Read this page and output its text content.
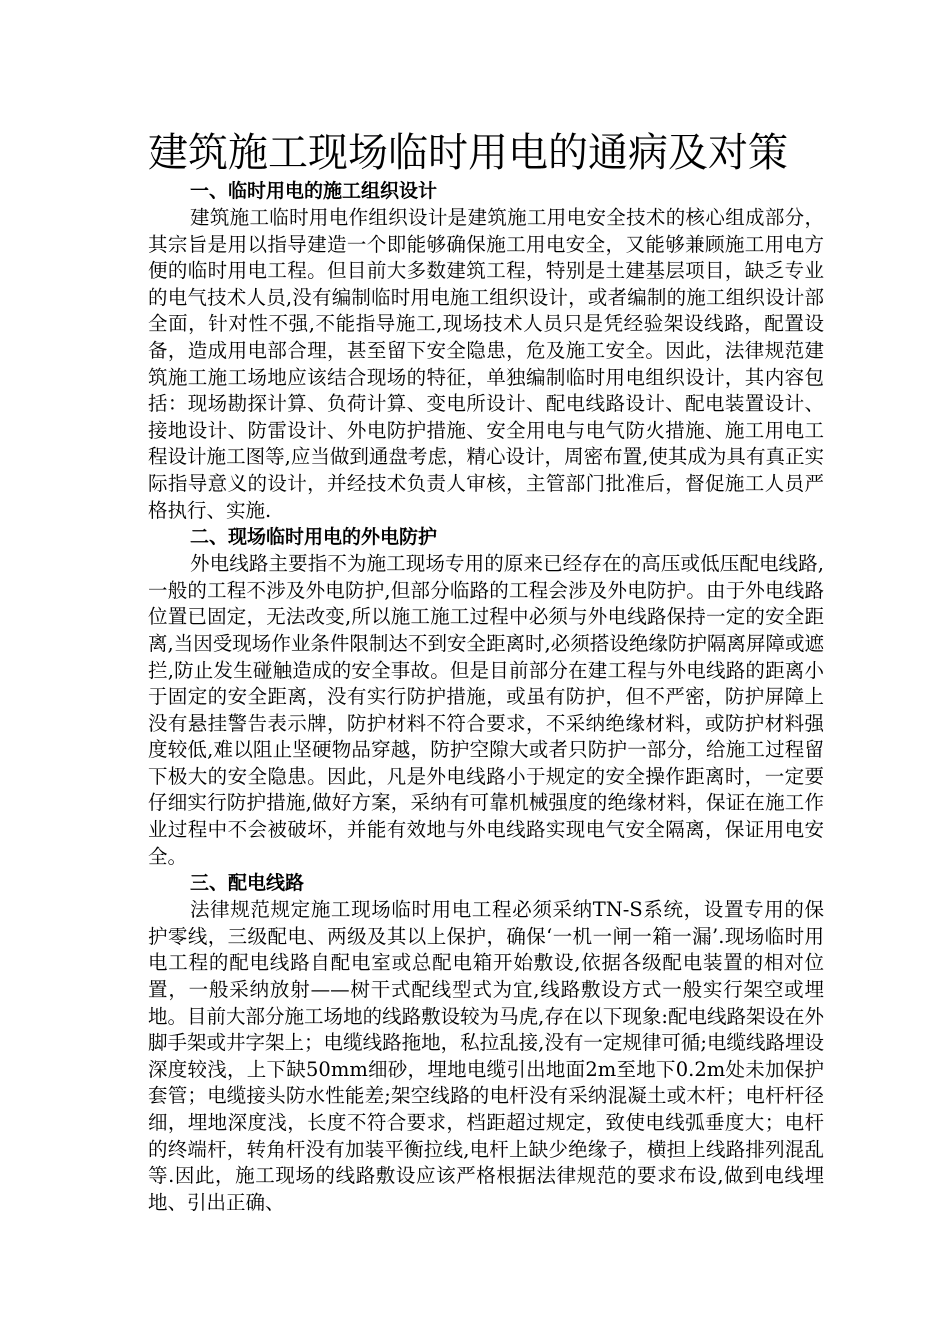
建筑施工现场临时用电的通病及对策
一、临时用电的施工组织设计

建筑施工临时用电作组织设计是建筑施工用电安全技术的核心组成部分，其宗旨是用以指导建造一个即能够确保施工用电安全，又能够兼顾施工用电方便的临时用电工程。但目前大多数建筑工程，特别是土建基层项目，缺乏专业的电气技术人员,没有编制临时用电施工组织设计，或者编制的施工组织设计部全面，针对性不强,不能指导施工,现场技术人员只是凭经验架设线路，配置设备，造成用电部合理，甚至留下安全隐患，危及施工安全。因此，法律规范建筑施工施工场地应该结合现场的特征，单独编制临时用电组织设计，其内容包括：现场勘探计算、负荷计算、变电所设计、配电线路设计、配电装置设计、接地设计、防雷设计、外电防护措施、安全用电与电气防火措施、施工用电工程设计施工图等,应当做到通盘考虑，精心设计，周密布置,使其成为具有真正实际指导意义的设计，并经技术负责人审核，主管部门批准后，督促施工人员严格执行、实施.

二、现场临时用电的外电防护

外电线路主要指不为施工现场专用的原来已经存在的高压或低压配电线路,一般的工程不涉及外电防护,但部分临路的工程会涉及外电防护。由于外电线路位置已固定，无法改变,所以施工施工过程中必须与外电线路保持一定的安全距离,当因受现场作业条件限制达不到安全距离时,必须搭设绝缘防护隔离屏障或遮拦,防止发生碰触造成的安全事故。但是目前部分在建工程与外电线路的距离小于固定的安全距离，没有实行防护措施，或虽有防护，但不严密，防护屏障上没有悬挂警告表示牌，防护材料不符合要求，不采纳绝缘材料，或防护材料强度较低,难以阻止坚硬物品穿越，防护空隙大或者只防护一部分，给施工过程留下极大的安全隐患。因此，凡是外电线路小于规定的安全操作距离时，一定要仔细实行防护措施,做好方案，采纳有可靠机械强度的绝缘材料，保证在施工作业过程中不会被破坏，并能有效地与外电线路实现电气安全隔离，保证用电安全。

三、配电线路

法律规范规定施工现场临时用电工程必须采纳TN-S系统，设置专用的保护零线，三级配电、两级及其以上保护，确保‘一机一闸一箱一漏’.现场临时用电工程的配电线路自配电室或总配电箱开始敷设,依据各级配电装置的相对位置，一般采纳放射——树干式配线型式为宜,线路敷设方式一般实行架空或埋地。目前大部分施工场地的线路敷设较为马虎,存在以下现象:配电线路架设在外脚手架或井字架上；电缆线路拖地，私拉乱接,没有一定规律可循;电缆线路埋设深度较浅，上下缺50mm细砂，埋地电缆引出地面2m至地下0.2m处未加保护套管；电缆接头防水性能差;架空线路的电杆没有采纳混凝土或木杆；电杆杆径细，埋地深度浅，长度不符合要求，档距超过规定，致使电线弧垂度大；电杆的终端杆，转角杆没有加装平衡拉线,电杆上缺少绝缘子，横担上线路排列混乱等.因此，施工现场的线路敷设应该严格根据法律规范的要求布设,做到电线埋地、引出正确、
